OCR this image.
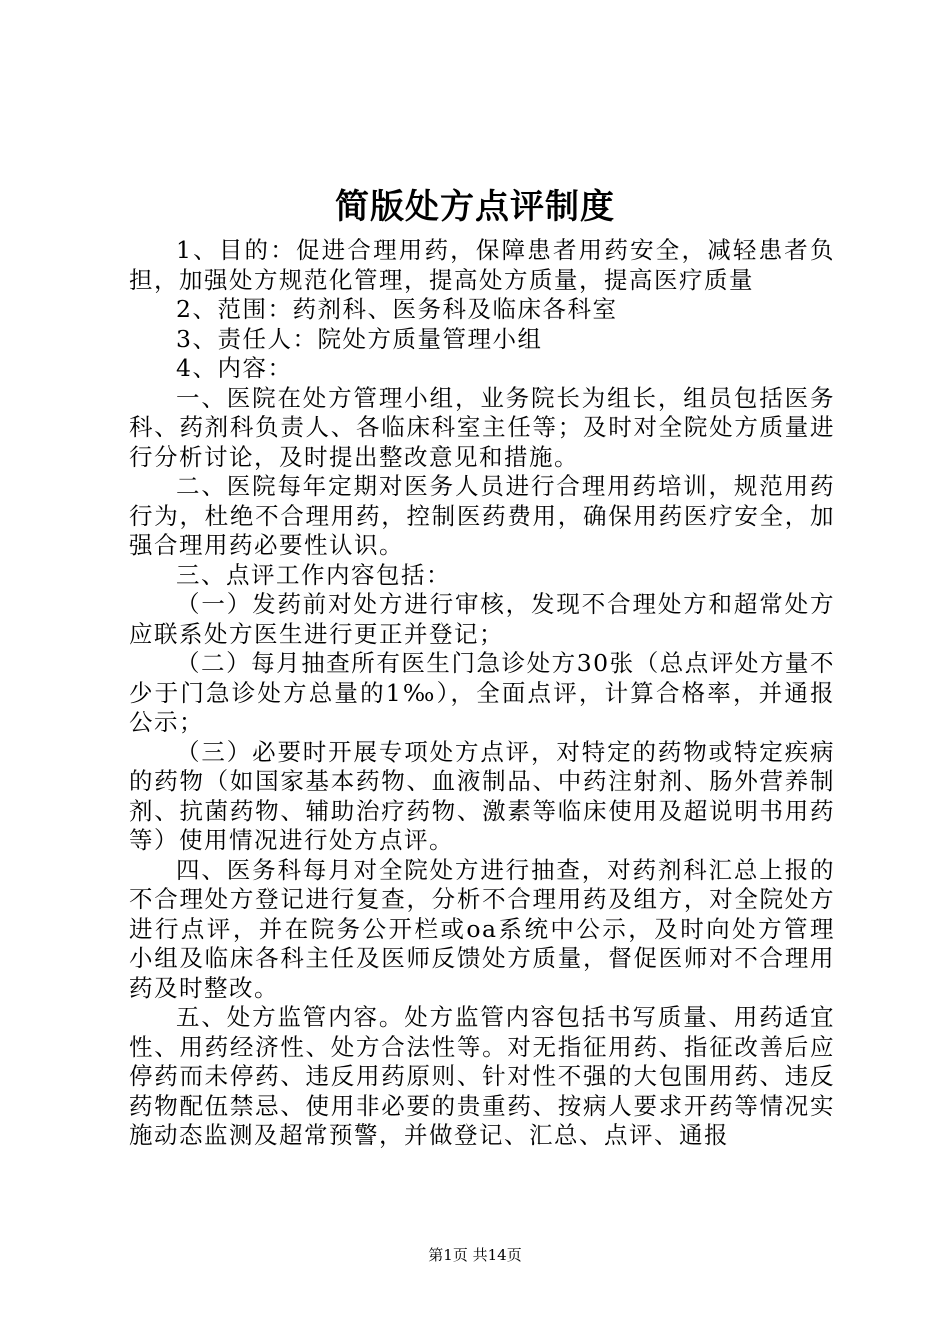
简版处方点评制度

1、目的：促进合理用药，保障患者用药安全，减轻患者负担，加强处方规范化管理，提高处方质量，提高医疗质量

2、范围：药剂科、医务科及临床各科室

3、责任人：院处方质量管理小组

4、内容：

一、医院在处方管理小组，业务院长为组长，组员包括医务科、药剂科负责人、各临床科室主任等；及时对全院处方质量进行分析讨论，及时提出整改意见和措施。

二、医院每年定期对医务人员进行合理用药培训，规范用药行为，杜绝不合理用药，控制医药费用，确保用药医疗安全，加强合理用药必要性认识。

三、点评工作内容包括：

（一）发药前对处方进行审核，发现不合理处方和超常处方应联系处方医生进行更正并登记；

（二）每月抽查所有医生门急诊处方30张（总点评处方量不少于门急诊处方总量的1‰），全面点评，计算合格率，并通报公示；

（三）必要时开展专项处方点评，对特定的药物或特定疾病的药物（如国家基本药物、血液制品、中药注射剂、肠外营养制剂、抗菌药物、辅助治疗药物、激素等临床使用及超说明书用药等）使用情况进行处方点评。

四、医务科每月对全院处方进行抽查，对药剂科汇总上报的不合理处方登记进行复查，分析不合理用药及组方，对全院处方进行点评，并在院务公开栏或oa系统中公示，及时向处方管理小组及临床各科主任及医师反馈处方质量，督促医师对不合理用药及时整改。

五、处方监管内容。处方监管内容包括书写质量、用药适宜性、用药经济性、处方合法性等。对无指征用药、指征改善后应停药而未停药、违反用药原则、针对性不强的大包围用药、违反药物配伍禁忌、使用非必要的贵重药、按病人要求开药等情况实施动态监测及超常预警，并做登记、汇总、点评、通报

第1页 共14页
